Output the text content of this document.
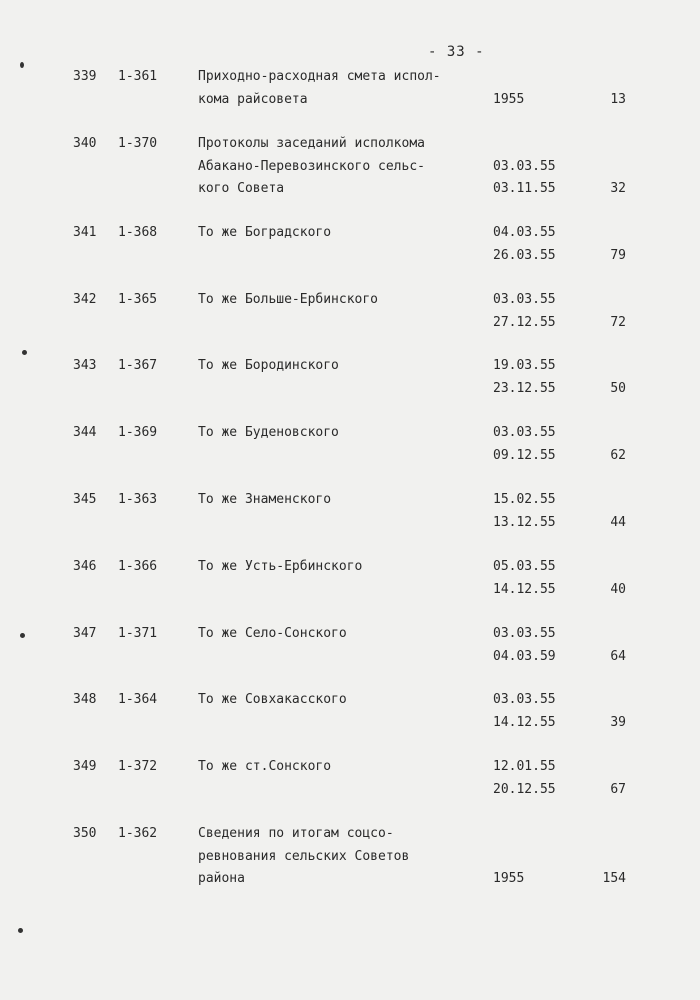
- 33 -
339	1-361	Приходно-расходная смета испол-
кома райсовета	1955	13
340	1-370	Протоколы заседаний исполкома
Абакано-Перевозинского сельс-
кого Совета
03.03.55
03.11.55	32
341	1-368	То же Боградского	04.03.55
26.03.55	79
342	1-365	То же Больше-Ербинского	03.03.55
27.12.55	72
343	1-367	То же Бородинского	19.03.55
23.12.55	50
344	1-369	То же Буденовского	03.03.55
09.12.55	62
345	1-363	То же Знаменского	15.02.55
13.12.55	44
346	1-366	То же Усть-Ербинского	05.03.55
14.12.55	40
347	1-371	То же Село-Сонского	03.03.55
04.03.59	64
348	1-364	То же Совхакасского	03.03.55
14.12.55	39
349	1-372	То же ст.Сонского	12.01.55
20.12.55	67
350	1-362	Сведения по итогам соцсо-
ревнования сельских Советов
района	1955	154
